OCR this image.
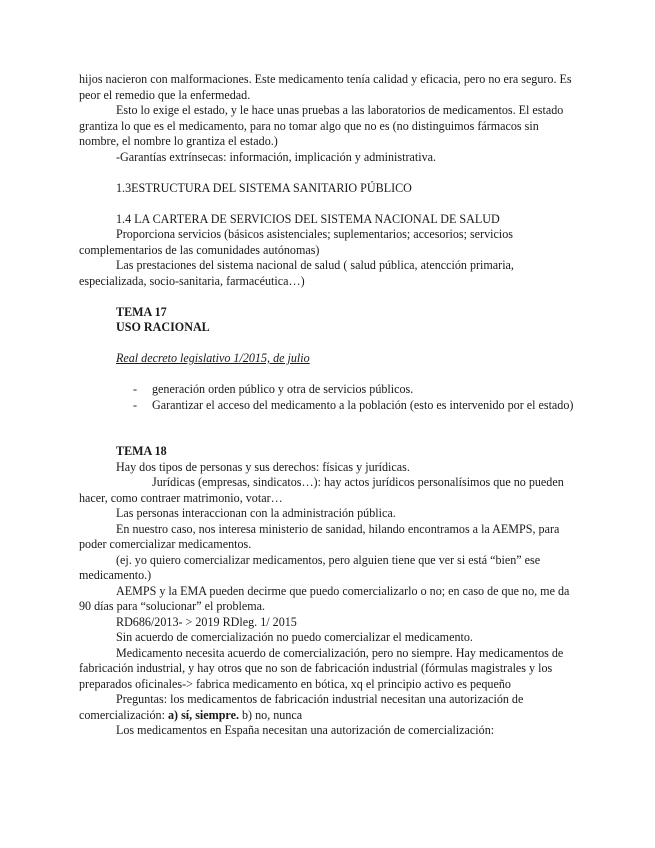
hijos nacieron con malformaciones. Este medicamento tenía calidad y eficacia, pero no era seguro. Es peor el remedio que la enfermedad.

Esto lo exige el estado, y le hace unas pruebas a las laboratorios de medicamentos. El estado grantiza lo que es el medicamento, para no tomar algo que no es (no distinguimos fármacos sin nombre, el nombre lo grantiza el estado.)

-Garantías extrínsecas: información, implicación y administrativa.

1.3ESTRUCTURA DEL SISTEMA SANITARIO PÚBLICO

1.4 LA CARTERA DE SERVICIOS DEL SISTEMA NACIONAL DE SALUD

Proporciona servicios (básicos asistenciales; suplementarios; accesorios; servicios complementarios de las comunidades autónomas)

Las prestaciones del sistema nacional de salud ( salud pública, atencción primaria, especializada, socio-sanitaria, farmacéutica…)

TEMA 17

USO RACIONAL

Real decreto legislativo 1/2015, de julio

- generación orden público y otra de servicios públicos.
- Garantizar el acceso del medicamento a la población (esto es intervenido por el estado)

TEMA 18

Hay dos tipos de personas y sus derechos: físicas y jurídicas.

Jurídicas (empresas, sindicatos…): hay actos jurídicos personalísimos que no pueden hacer, como contraer matrimonio, votar…

Las personas interaccionan con la administración pública.

En nuestro caso, nos interesa ministerio de sanidad, hilando encontramos a la AEMPS, para poder comercializar medicamentos.

(ej. yo quiero comercializar medicamentos, pero alguien tiene que ver si está “bien” ese medicamento.)

AEMPS y la EMA pueden decirme que puedo comercializarlo o no; en caso de que no, me da 90 días para “solucionar” el problema.

RD686/2013- > 2019 RDleg. 1/ 2015

Sin acuerdo de comercialización no puedo comercializar el medicamento.

Medicamento necesita acuerdo de comercialización, pero no siempre. Hay medicamentos de fabricación industrial, y hay otros que no son de fabricación industrial (fórmulas magistrales y los preparados oficinales-> fabrica medicamento en bótica, xq el principio activo es pequeño

Preguntas: los medicamentos de fabricación industrial necesitan una autorización de comercialización: a) sí, siempre. b) no, nunca

Los medicamentos en España necesitan una autorización de comercialización:
